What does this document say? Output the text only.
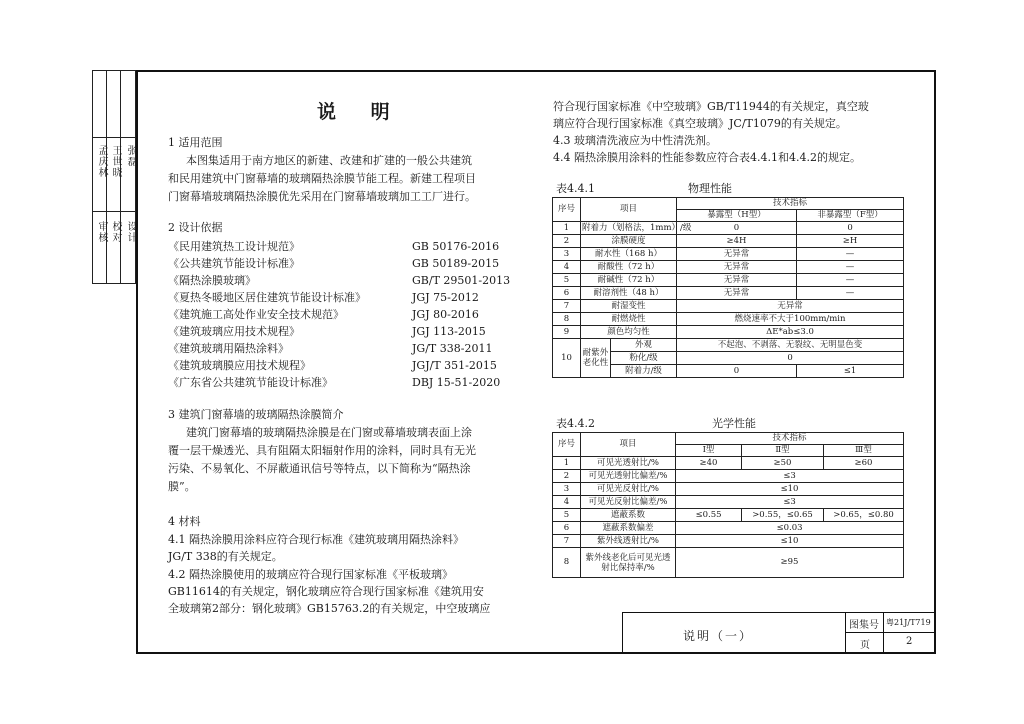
审核 校对 设计
孟庆林 王世晓 张磊
说 明
1 适用范围
本图集适用于南方地区的新建、改建和扩建的一般公共建筑
和民用建筑中门窗幕墙的玻璃隔热涂膜节能工程。新建工程项目
门窗幕墙玻璃隔热涂膜优先采用在门窗幕墙玻璃加工工厂进行。
2 设计依据
《民用建筑热工设计规范》	GB 50176-2016
《公共建筑节能设计标准》	GB 50189-2015
《隔热涂膜玻璃》	GB/T 29501-2013
《夏热冬暖地区居住建筑节能设计标准》	JGJ 75-2012
《建筑施工高处作业安全技术规范》	JGJ 80-2016
《建筑玻璃应用技术规程》	JGJ 113-2015
《建筑玻璃用隔热涂料》	JG/T 338-2011
《建筑玻璃膜应用技术规程》	JGJ/T 351-2015
《广东省公共建筑节能设计标准》	DBJ 15-51-2020
3 建筑门窗幕墙的玻璃隔热涂膜简介
建筑门窗幕墙的玻璃隔热涂膜是在门窗或幕墙玻璃表面上涂
覆一层干燥透光、具有阻隔太阳辐射作用的涂料，同时具有无光
污染、不易氧化、不屏蔽通讯信号等特点，以下简称为“隔热涂
膜”。
4 材料
4.1 隔热涂膜用涂料应符合现行标准《建筑玻璃用隔热涂料》
JG/T 338的有关规定。
4.2 隔热涂膜使用的玻璃应符合现行国家标准《平板玻璃》
GB11614的有关规定，钢化玻璃应符合现行国家标准《建筑用安
全玻璃第2部分：钢化玻璃》GB15763.2的有关规定，中空玻璃应
符合现行国家标准《中空玻璃》GB/T11944的有关规定，真空玻
璃应符合现行国家标准《真空玻璃》JC/T1079的有关规定。
4.3 玻璃清洗液应为中性清洗剂。
4.4 隔热涂膜用涂料的性能参数应符合表4.4.1和4.4.2的规定。
表4.4.1	物理性能
序号	项目		技术指标	
			暴露型（H型）	非暴露型（F型）
1	附着力（划格法，1mm）/级		0	0
2	涂膜硬度		≥4H	≥H
3	耐水性（168 h）		无异常	—
4	耐酸性（72 h）		无异常	—
5	耐碱性（72 h）		无异常	—
6	耐溶剂性（48 h）		无异常	—
7	耐湿变性		无异常	
8	耐燃烧性		燃烧速率不大于100mm/min	
9	颜色均匀性		ΔE*ab≤3.0	
10	耐紫外老化性	外观	不起泡、不剥落、无裂纹、无明显色变	
		粉化/级	0	
		附着力/级	0	≤1
表4.4.2	光学性能
序号	项目	技术指标		
		Ⅰ型	Ⅱ型	Ⅲ型
1	可见光透射比/%	≥40	≥50	≥60
2	可见光透射比偏差/%	≤3		
3	可见光反射比/%	≤10		
4	可见光反射比偏差/%	≤3		
5	遮蔽系数	≤0.55	>0.55，≤0.65	>0.65，≤0.80
6	遮蔽系数偏差	≤0.03		
7	紫外线透射比/%	≤10		
8	紫外线老化后可见光透射比保持率/%	≥95		
说明（一）
图集号 粤21J/T719
页	2
